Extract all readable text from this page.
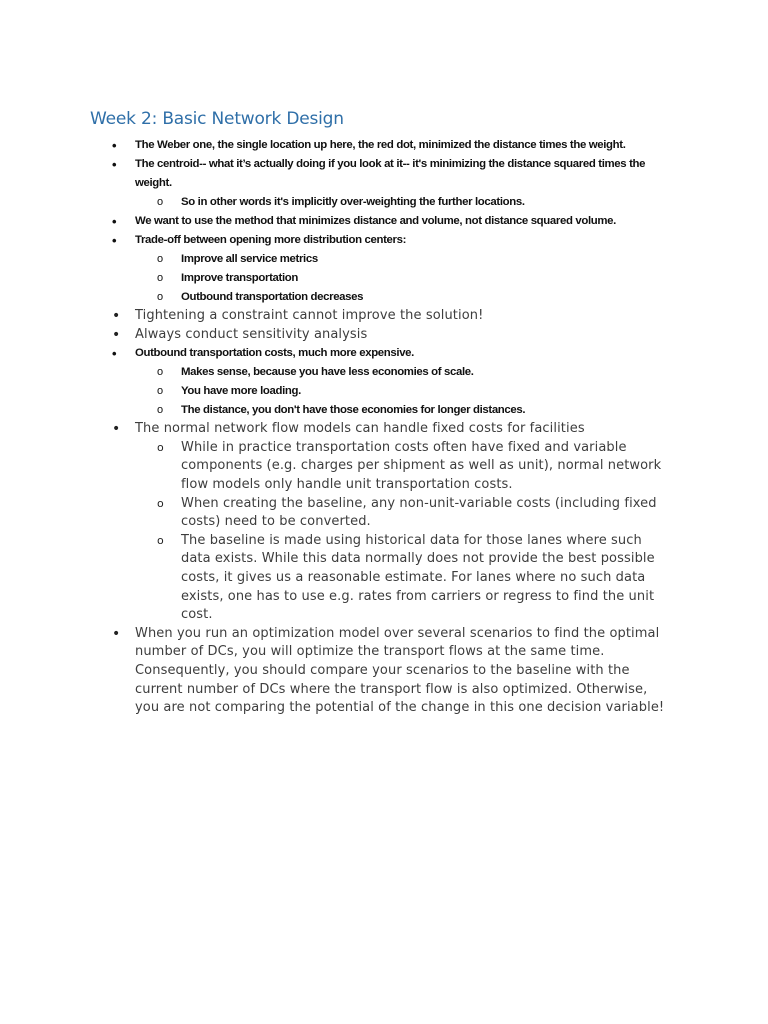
Week 2: Basic Network Design
• The Weber one, the single location up here, the red dot, minimized the distance times the weight.
• The centroid-- what it’s actually doing if you look at it-- it's minimizing the distance squared times the weight.
o So in other words it's implicitly over-weighting the further locations.
• We want to use the method that minimizes distance and volume, not distance squared volume.
• Trade-off between opening more distribution centers:
o Improve all service metrics
o Improve transportation
o Outbound transportation decreases
• Tightening a constraint cannot improve the solution!
• Always conduct sensitivity analysis
• Outbound transportation costs, much more expensive.
o Makes sense, because you have less economies of scale.
o You have more loading.
o The distance, you don't have those economies for longer distances.
• The normal network flow models can handle fixed costs for facilities
o While in practice transportation costs often have fixed and variable components (e.g. charges per shipment as well as unit), normal network flow models only handle unit transportation costs.
o When creating the baseline, any non-unit-variable costs (including fixed costs) need to be converted.
o The baseline is made using historical data for those lanes where such data exists. While this data normally does not provide the best possible costs, it gives us a reasonable estimate. For lanes where no such data exists, one has to use e.g. rates from carriers or regress to find the unit cost.
• When you run an optimization model over several scenarios to find the optimal number of DCs, you will optimize the transport flows at the same time. Consequently, you should compare your scenarios to the baseline with the current number of DCs where the transport flow is also optimized. Otherwise, you are not comparing the potential of the change in this one decision variable!
